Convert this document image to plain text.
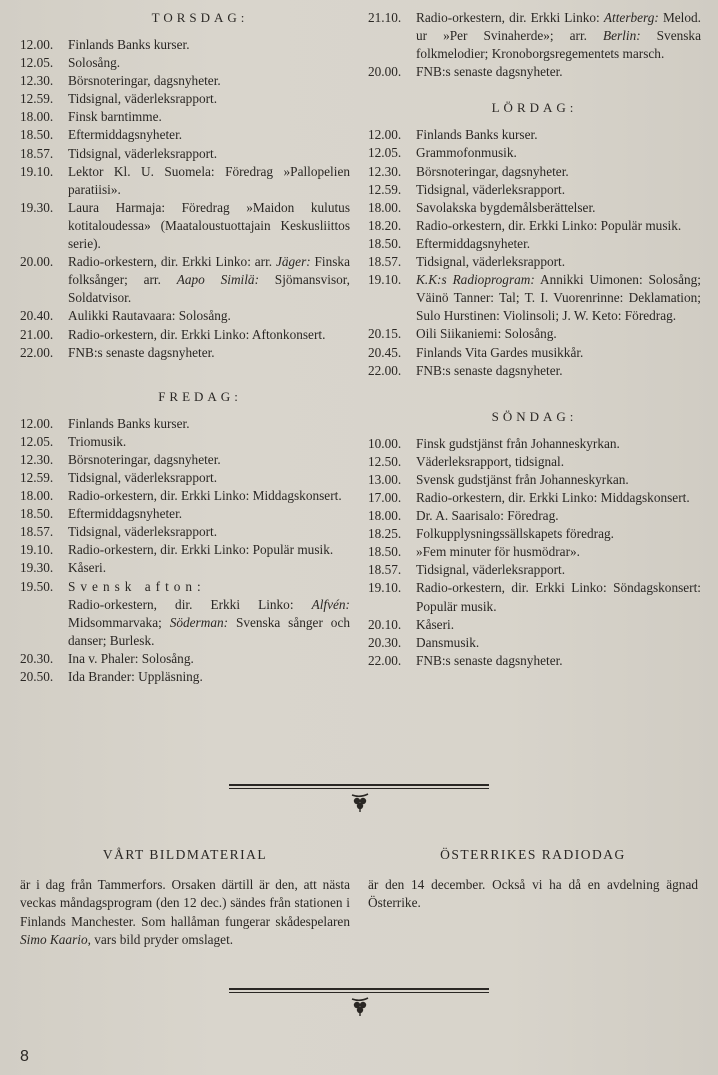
TORSDAG:
12.00.	Finlands Banks kurser.
12.05.	Solosång.
12.30.	Börsnoteringar, dagsnyheter.
12.59.	Tidsignal, väderleksrapport.
18.00.	Finsk barntimme.
18.50.	Eftermiddagsnyheter.
18.57.	Tidsignal, väderleksrapport.
19.10.	Lektor Kl. U. Suomela: Föredrag »Pallopelien paratiisi».
19.30.	Laura Harmaja: Föredrag »Maidon kulutus kotitaloudessa» (Maataloustuottajain Keskusliittos serie).
20.00.	Radio-orkestern, dir. Erkki Linko: arr. Jäger: Finska folksånger; arr. Aapo Similä: Sjömansvisor, Soldatvisor.
20.40.	Aulikki Rautavaara: Solosång.
21.00.	Radio-orkestern, dir. Erkki Linko: Aftonkonsert.
22.00.	FNB:s senaste dagsnyheter.
FREDAG:
12.00.	Finlands Banks kurser.
12.05.	Triomusik.
12.30.	Börsnoteringar, dagsnyheter.
12.59.	Tidsignal, väderleksrapport.
18.00.	Radio-orkestern, dir. Erkki Linko: Middagskonsert.
18.50.	Eftermiddagsnyheter.
18.57.	Tidsignal, väderleksrapport.
19.10.	Radio-orkestern, dir. Erkki Linko: Populär musik.
19.30.	Kåseri.
19.50.	Svensk afton:
Radio-orkestern, dir. Erkki Linko: Alfvén: Midsommarvaka; Söderman: Svenska sånger och danser; Burlesk.
20.30.	Ina v. Phaler: Solosång.
20.50.	Ida Brander: Uppläsning.
21.10.	Radio-orkestern, dir. Erkki Linko: Atterberg: Melod. ur »Per Svinaherde»; arr. Berlin: Svenska folkmelodier; Kronoborgsregementets marsch.
20.00.	FNB:s senaste dagsnyheter.
LÖRDAG:
12.00.	Finlands Banks kurser.
12.05.	Grammofonmusik.
12.30.	Börsnoteringar, dagsnyheter.
12.59.	Tidsignal, väderleksrapport.
18.00.	Savolakska bygdemålsberättelser.
18.20.	Radio-orkestern, dir. Erkki Linko: Populär musik.
18.50.	Eftermiddagsnyheter.
18.57.	Tidsignal, väderleksrapport.
19.10.	K.K:s Radioprogram: Annikki Uimonen: Solosång; Väinö Tanner: Tal; T. I. Vuorenrinne: Deklamation; Sulo Hurstinen: Violinsoli; J. W. Keto: Föredrag.
20.15.	Oili Siikaniemi: Solosång.
20.45.	Finlands Vita Gardes musikkår.
22.00.	FNB:s senaste dagsnyheter.
SÖNDAG:
10.00.	Finsk gudstjänst från Johanneskyrkan.
12.50.	Väderleksrapport, tidsignal.
13.00.	Svensk gudstjänst från Johanneskyrkan.
17.00.	Radio-orkestern, dir. Erkki Linko: Middagskonsert.
18.00.	Dr. A. Saarisalo: Föredrag.
18.25.	Folkupplysningssällskapets föredrag.
18.50.	»Fem minuter för husmödrar».
18.57.	Tidsignal, väderleksrapport.
19.10.	Radio-orkestern, dir. Erkki Linko: Söndagskonsert: Populär musik.
20.10.	Kåseri.
20.30.	Dansmusik.
22.00.	FNB:s senaste dagsnyheter.
VÅRT BILDMATERIAL

är i dag från Tammerfors. Orsaken därtill är den, att nästa veckas måndagsprogram (den 12 dec.) sändes från stationen i Finlands Manchester. Som hallåman fungerar skådespelaren Simo Kaario, vars bild pryder omslaget.

ÖSTERRIKES RADIODAG

är den 14 december. Också vi ha då en avdelning ägnad Österrike.

8
